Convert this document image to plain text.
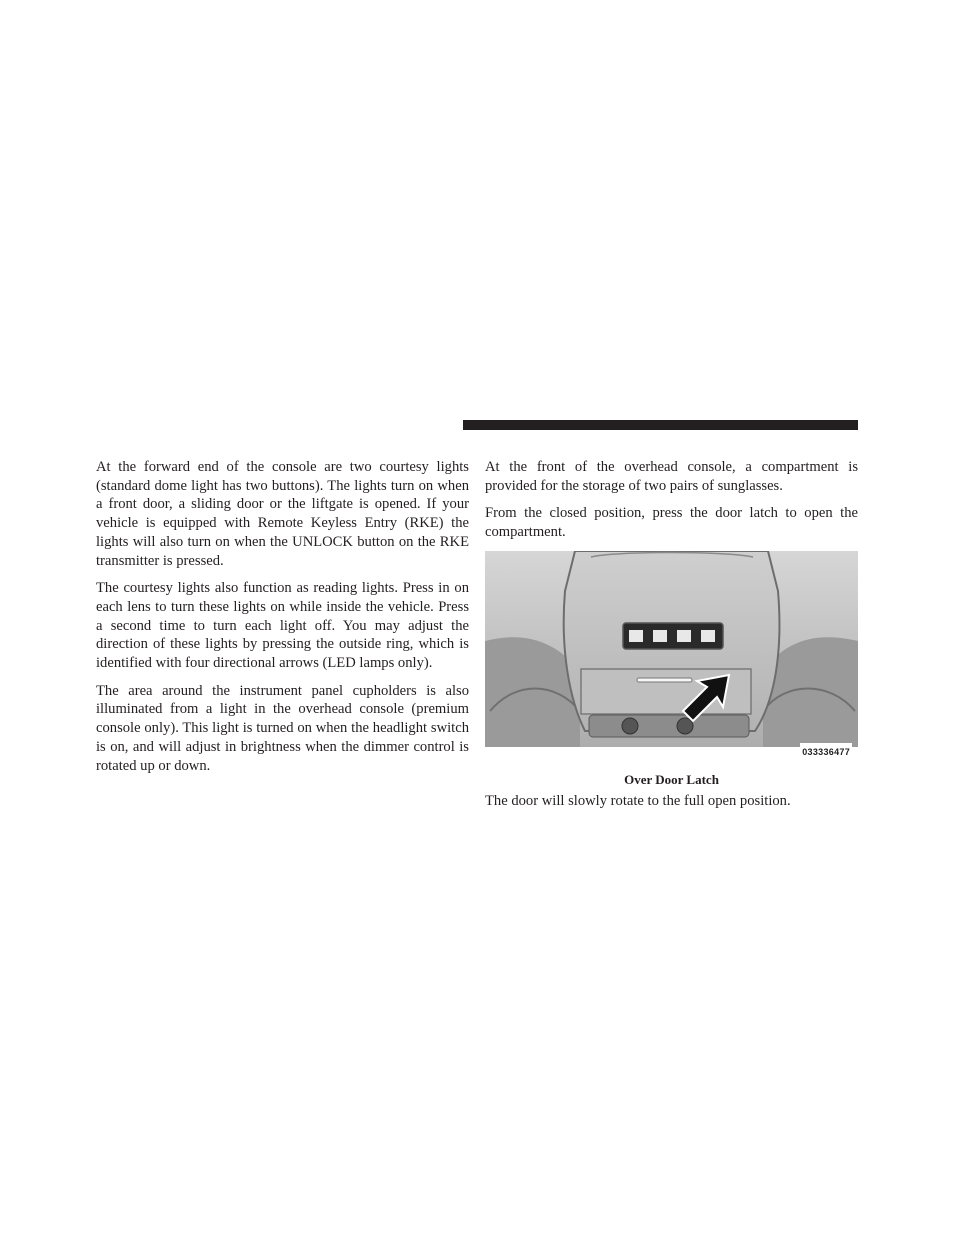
At the forward end of the console are two courtesy lights (standard dome light has two buttons). The lights turn on when a front door, a sliding door or the liftgate is opened. If your vehicle is equipped with Remote Keyless Entry (RKE) the lights will also turn on when the UNLOCK button on the RKE transmitter is pressed.

The courtesy lights also function as reading lights. Press in on each lens to turn these lights on while inside the vehicle. Press a second time to turn each light off. You may adjust the direction of these lights by pressing the outside ring, which is identified with four directional arrows (LED lamps only).

The area around the instrument panel cupholders is also illuminated from a light in the overhead console (premium console only). This light is turned on when the headlight switch is on, and will adjust in brightness when the dimmer control is rotated up or down.

At the front of the overhead console, a compartment is provided for the storage of two pairs of sunglasses.

From the closed position, press the door latch to open the compartment.

033336477
Over Door Latch

The door will slowly rotate to the full open position.
